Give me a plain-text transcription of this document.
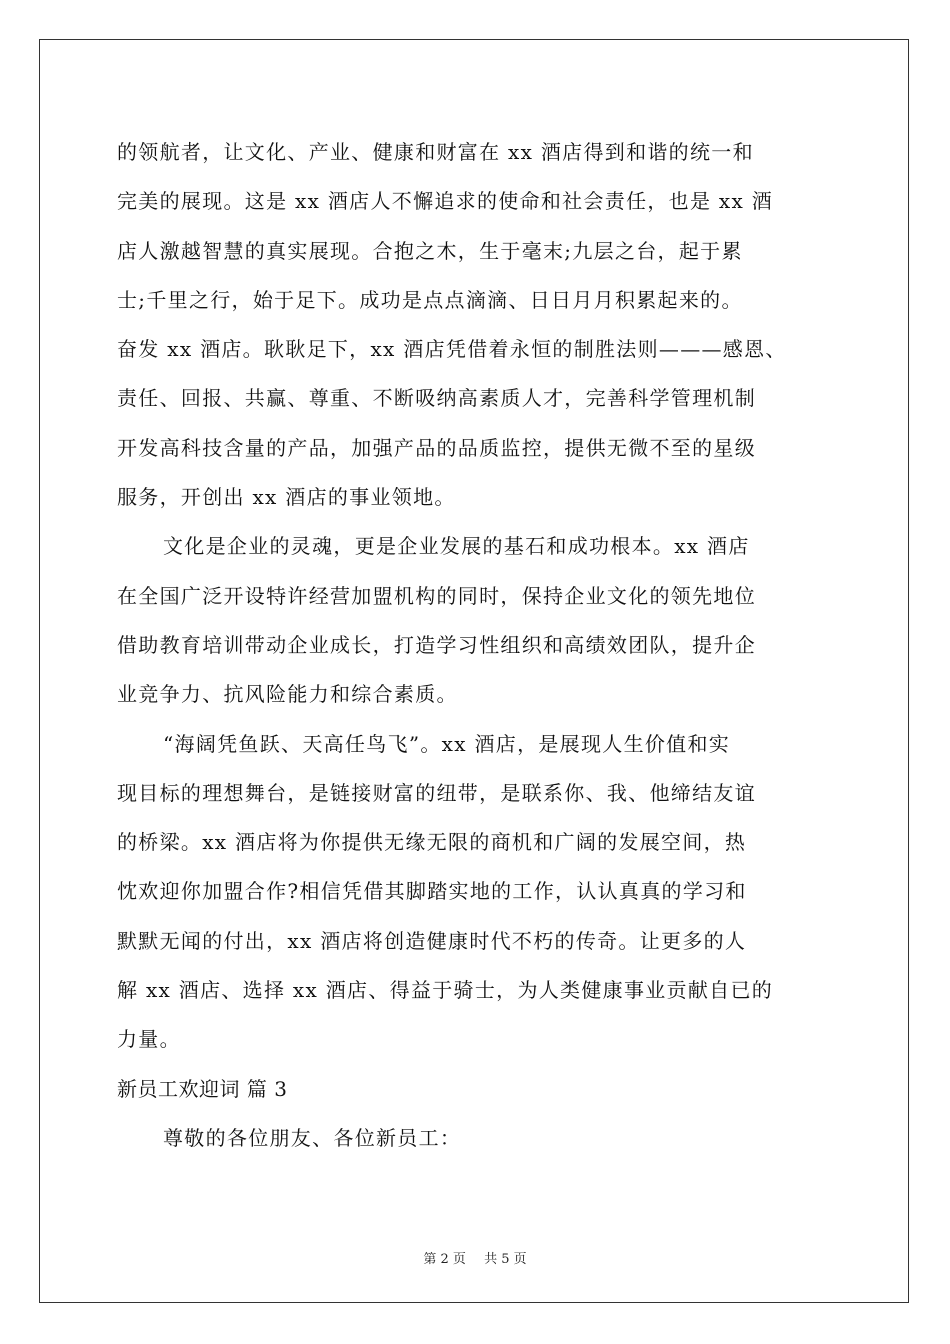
的领航者，让文化、产业、健康和财富在 xx 酒店得到和谐的统一和
完美的展现。这是 xx 酒店人不懈追求的使命和社会责任，也是 xx 酒
店人激越智慧的真实展现。合抱之木，生于毫末;九层之台，起于累
士;千里之行，始于足下。成功是点点滴滴、日日月月积累起来的。
奋发 xx 酒店。耿耿足下，xx 酒店凭借着永恒的制胜法则———感恩、
责任、回报、共赢、尊重、不断吸纳高素质人才，完善科学管理机制
开发高科技含量的产品，加强产品的品质监控，提供无微不至的星级
服务，开创出 xx 酒店的事业领地。
文化是企业的灵魂，更是企业发展的基石和成功根本。xx 酒店
在全国广泛开设特许经营加盟机构的同时，保持企业文化的领先地位
借助教育培训带动企业成长，打造学习性组织和高绩效团队，提升企
业竞争力、抗风险能力和综合素质。
“海阔凭鱼跃、天高任鸟飞”。xx 酒店，是展现人生价值和实
现目标的理想舞台，是链接财富的纽带，是联系你、我、他缔结友谊
的桥梁。xx 酒店将为你提供无缘无限的商机和广阔的发展空间，热
忱欢迎你加盟合作?相信凭借其脚踏实地的工作，认认真真的学习和
默默无闻的付出，xx 酒店将创造健康时代不朽的传奇。让更多的人
解 xx 酒店、选择 xx 酒店、得益于骑士，为人类健康事业贡献自已的
力量。
新员工欢迎词 篇 3
尊敬的各位朋友、各位新员工：
第 2 页 共 5 页
